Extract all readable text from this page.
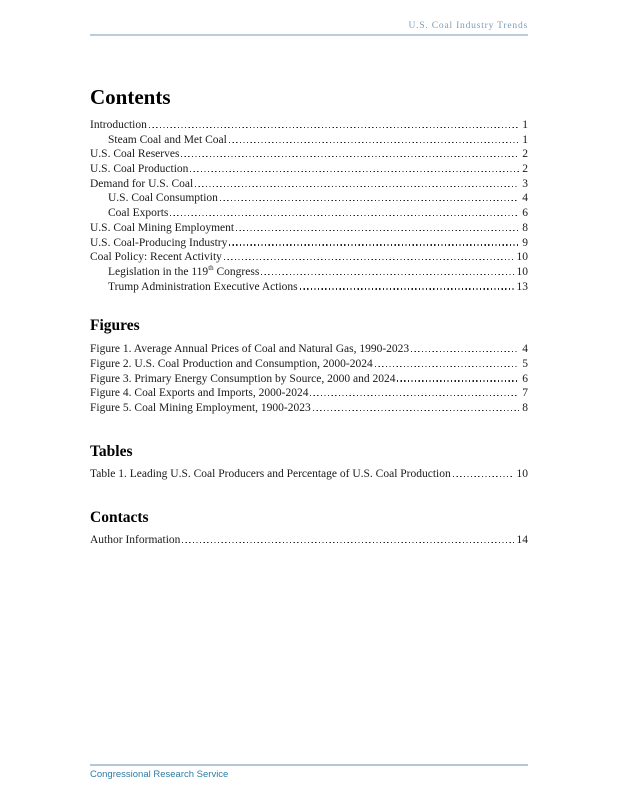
U.S. Coal Industry Trends
Contents
Introduction	1
Steam Coal and Met Coal	1
U.S. Coal Reserves	2
U.S. Coal Production	2
Demand for U.S. Coal	3
U.S. Coal Consumption	4
Coal Exports	6
U.S. Coal Mining Employment	8
U.S. Coal-Producing Industry	9
Coal Policy: Recent Activity	10
Legislation in the 119th Congress	10
Trump Administration Executive Actions	13
Figures
Figure 1. Average Annual Prices of Coal and Natural Gas, 1990-2023	4
Figure 2. U.S. Coal Production and Consumption, 2000-2024	5
Figure 3. Primary Energy Consumption by Source, 2000 and 2024	6
Figure 4. Coal Exports and Imports, 2000-2024	7
Figure 5. Coal Mining Employment, 1900-2023	8
Tables
Table 1. Leading U.S. Coal Producers and Percentage of U.S. Coal Production	10
Contacts
Author Information	14
Congressional Research Service
